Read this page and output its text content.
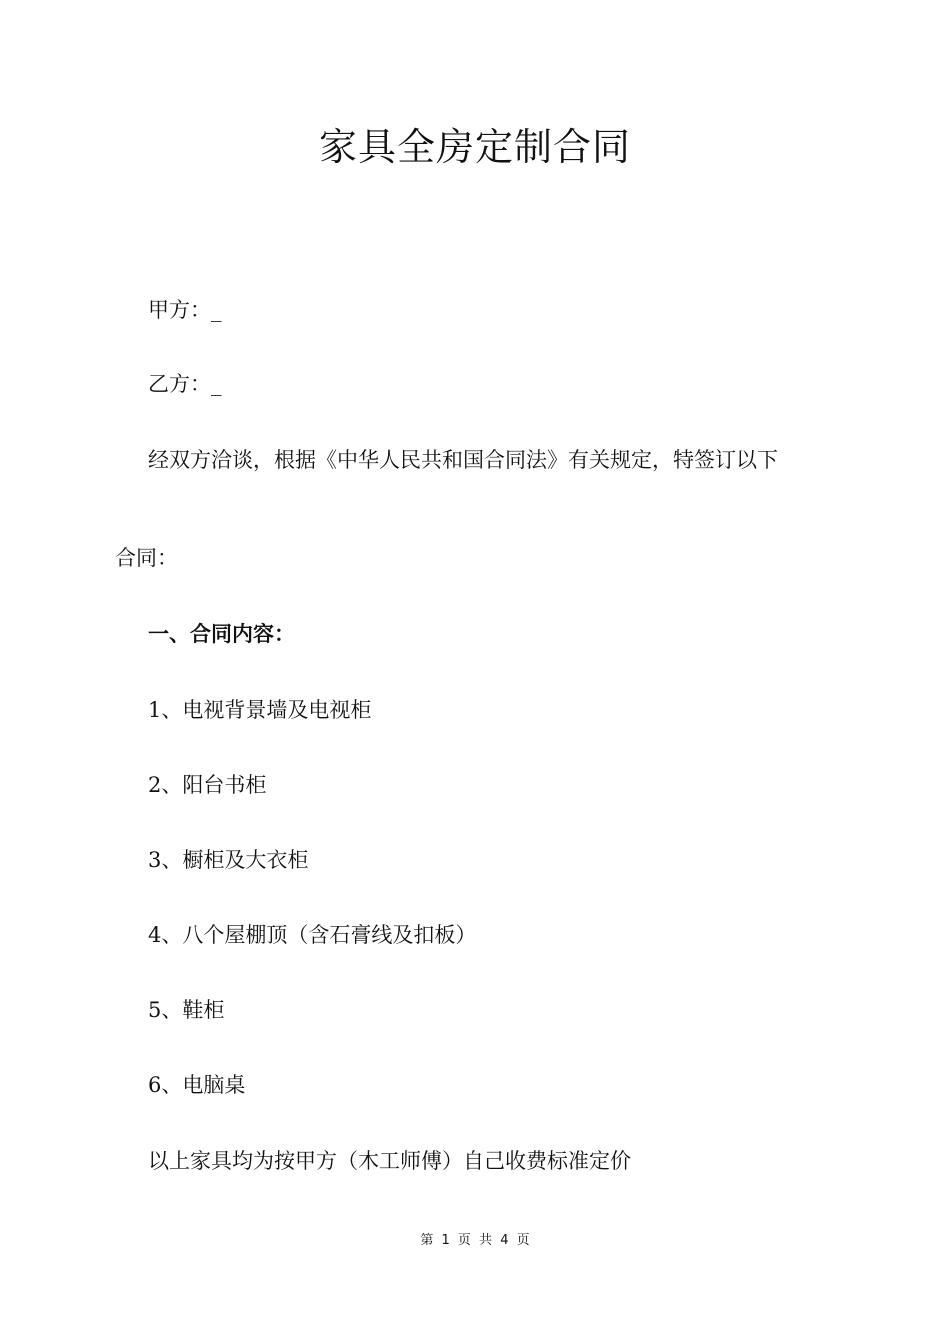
家具全房定制合同

甲方：_

乙方：_

经双方洽谈，根据《中华人民共和国合同法》有关规定，特签订以下

合同：

一、合同内容：

1、电视背景墙及电视柜

2、阳台书柜

3、橱柜及大衣柜

4、八个屋棚顶（含石膏线及扣板）

5、鞋柜

6、电脑桌

以上家具均为按甲方（木工师傅）自己收费标准定价

第 1 页 共 4 页
